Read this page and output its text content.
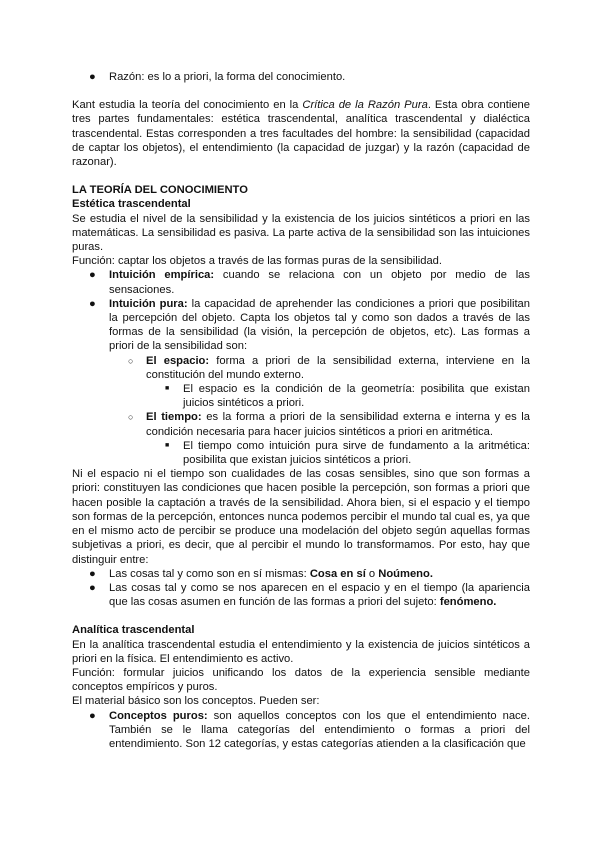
● Razón: es lo a priori, la forma del conocimiento.

Kant estudia la teoría del conocimiento en la Crítica de la Razón Pura. Esta obra contiene tres partes fundamentales: estética trascendental, analítica trascendental y dialéctica trascendental. Estas corresponden a tres facultades del hombre: la sensibilidad (capacidad de captar los objetos), el entendimiento (la capacidad de juzgar) y la razón (capacidad de razonar).

LA TEORÍA DEL CONOCIMIENTO

Estética trascendental

Se estudia el nivel de la sensibilidad y la existencia de los juicios sintéticos a priori en las matemáticas. La sensibilidad es pasiva. La parte activa de la sensibilidad son las intuiciones puras.

Función: captar los objetos a través de las formas puras de la sensibilidad.

● Intuición empírica: cuando se relaciona con un objeto por medio de las sensaciones.
● Intuición pura: la capacidad de aprehender las condiciones a priori que posibilitan la percepción del objeto. Capta los objetos tal y como son dados a través de las formas de la sensibilidad (la visión, la percepción de objetos, etc). Las formas a priori de la sensibilidad son:
○ El espacio: forma a priori de la sensibilidad externa, interviene en la constitución del mundo externo.
■ El espacio es la condición de la geometría: posibilita que existan juicios sintéticos a priori.
○ El tiempo: es la forma a priori de la sensibilidad externa e interna y es la condición necesaria para hacer juicios sintéticos a priori en aritmética.
■ El tiempo como intuición pura sirve de fundamento a la aritmética: posibilita que existan juicios sintéticos a priori.

Ni el espacio ni el tiempo son cualidades de las cosas sensibles, sino que son formas a priori: constituyen las condiciones que hacen posible la percepción, son formas a priori que hacen posible la captación a través de la sensibilidad. Ahora bien, si el espacio y el tiempo son formas de la percepción, entonces nunca podemos percibir el mundo tal cual es, ya que en el mismo acto de percibir se produce una modelación del objeto según aquellas formas subjetivas a priori, es decir, que al percibir el mundo lo transformamos. Por esto, hay que distinguir entre:

● Las cosas tal y como son en sí mismas: Cosa en sí o Noúmeno.
● Las cosas tal y como se nos aparecen en el espacio y en el tiempo (la apariencia que las cosas asumen en función de las formas a priori del sujeto: fenómeno.

Analítica trascendental

En la analítica trascendental estudia el entendimiento y la existencia de juicios sintéticos a priori en la física. El entendimiento es activo.

Función: formular juicios unificando los datos de la experiencia sensible mediante conceptos empíricos y puros.

El material básico son los conceptos. Pueden ser:

● Conceptos puros: son aquellos conceptos con los que el entendimiento nace. También se le llama categorías del entendimiento o formas a priori del entendimiento. Son 12 categorías, y estas categorías atienden a la clasificación que
